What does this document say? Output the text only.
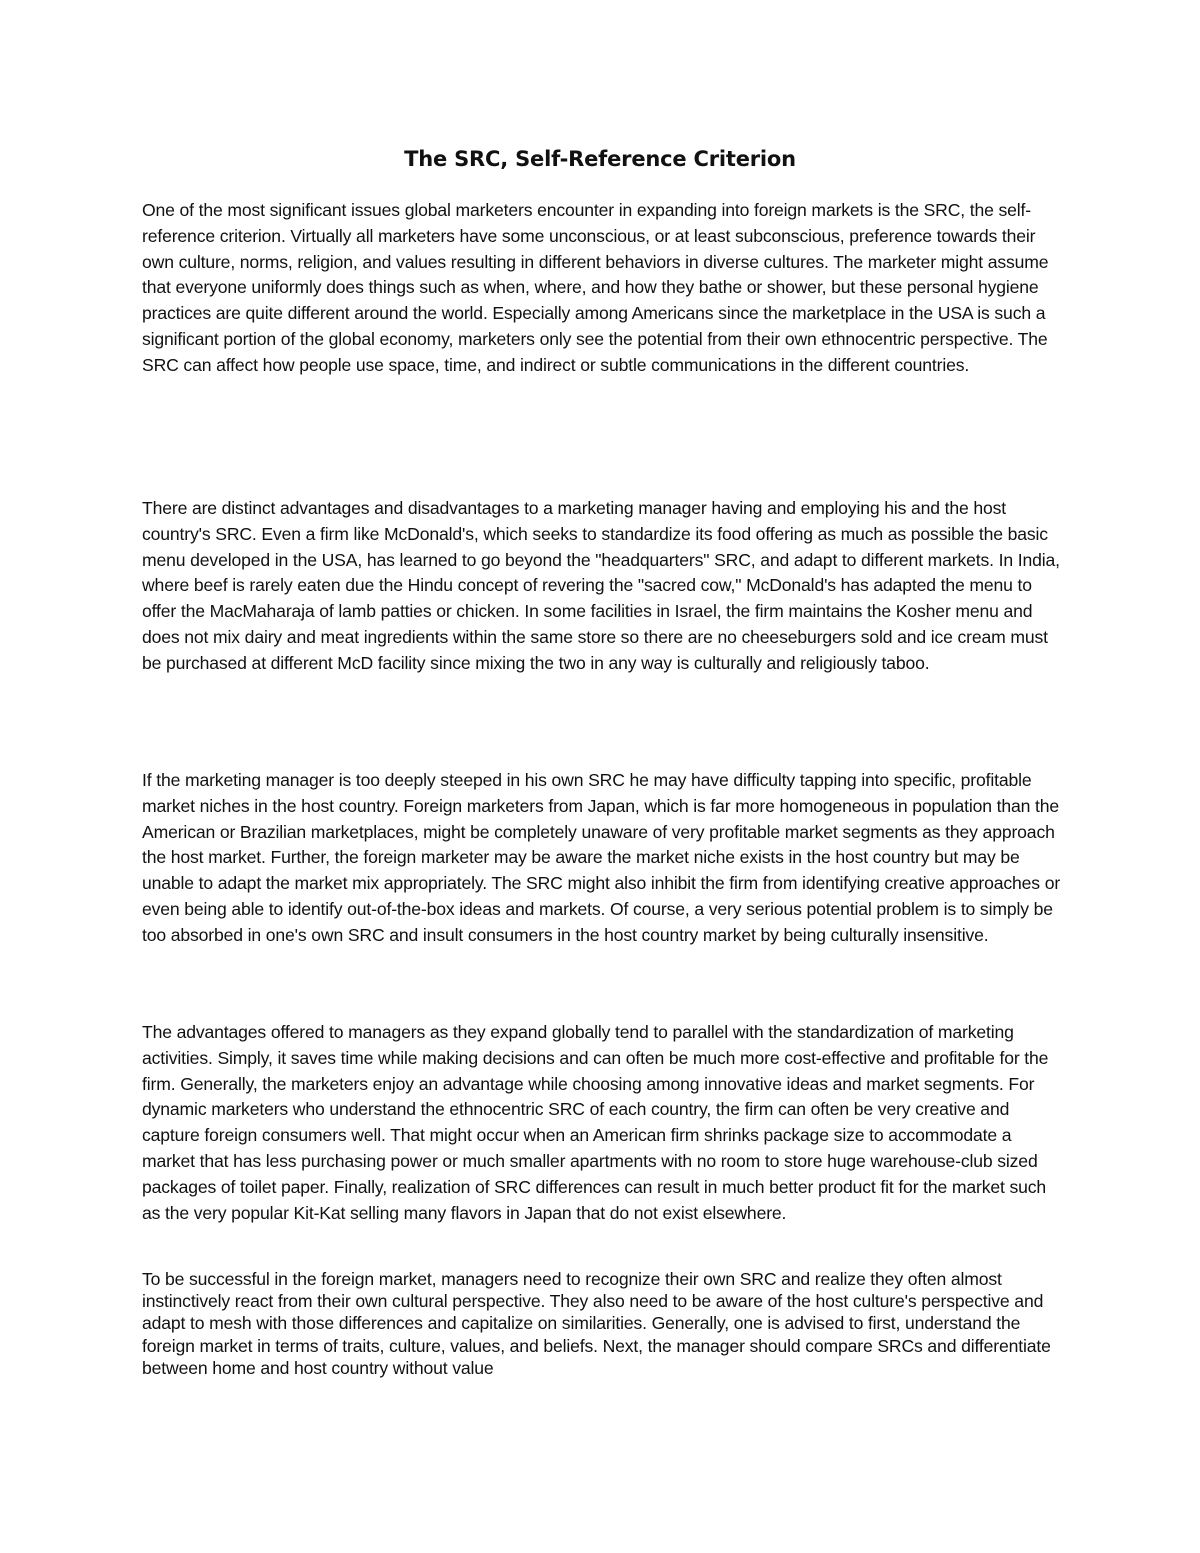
The SRC, Self-Reference Criterion

One of the most significant issues global marketers encounter in expanding into foreign markets is the SRC, the self-reference criterion. Virtually all marketers have some unconscious, or at least subconscious, preference towards their own culture, norms, religion, and values resulting in different behaviors in diverse cultures. The marketer might assume that everyone uniformly does things such as when, where, and how they bathe or shower, but these personal hygiene practices are quite different around the world. Especially among Americans since the marketplace in the USA is such a significant portion of the global economy, marketers only see the potential from their own ethnocentric perspective. The SRC can affect how people use space, time, and indirect or subtle communications in the different countries.

There are distinct advantages and disadvantages to a marketing manager having and employing his and the host country's SRC. Even a firm like McDonald's, which seeks to standardize its food offering as much as possible the basic menu developed in the USA, has learned to go beyond the "headquarters" SRC, and adapt to different markets. In India, where beef is rarely eaten due the Hindu concept of revering the "sacred cow," McDonald's has adapted the menu to offer the MacMaharaja of lamb patties or chicken. In some facilities in Israel, the firm maintains the Kosher menu and does not mix dairy and meat ingredients within the same store so there are no cheeseburgers sold and ice cream must be purchased at different McD facility since mixing the two in any way is culturally and religiously taboo.

If the marketing manager is too deeply steeped in his own SRC he may have difficulty tapping into specific, profitable market niches in the host country. Foreign marketers from Japan, which is far more homogeneous in population than the American or Brazilian marketplaces, might be completely unaware of very profitable market segments as they approach the host market. Further, the foreign marketer may be aware the market niche exists in the host country but may be unable to adapt the market mix appropriately. The SRC might also inhibit the firm from identifying creative approaches or even being able to identify out-of-the-box ideas and markets. Of course, a very serious potential problem is to simply be too absorbed in one's own SRC and insult consumers in the host country market by being culturally insensitive.

The advantages offered to managers as they expand globally tend to parallel with the standardization of marketing activities. Simply, it saves time while making decisions and can often be much more cost-effective and profitable for the firm. Generally, the marketers enjoy an advantage while choosing among innovative ideas and market segments. For dynamic marketers who understand the ethnocentric SRC of each country, the firm can often be very creative and capture foreign consumers well. That might occur when an American firm shrinks package size to accommodate a market that has less purchasing power or much smaller apartments with no room to store huge warehouse-club sized packages of toilet paper. Finally, realization of SRC differences can result in much better product fit for the market such as the very popular Kit-Kat selling many flavors in Japan that do not exist elsewhere.

To be successful in the foreign market, managers need to recognize their own SRC and realize they often almost instinctively react from their own cultural perspective. They also need to be aware of the host culture's perspective and adapt to mesh with those differences and capitalize on similarities. Generally, one is advised to first, understand the foreign market in terms of traits, culture, values, and beliefs. Next, the manager should compare SRCs and differentiate between home and host country without value
